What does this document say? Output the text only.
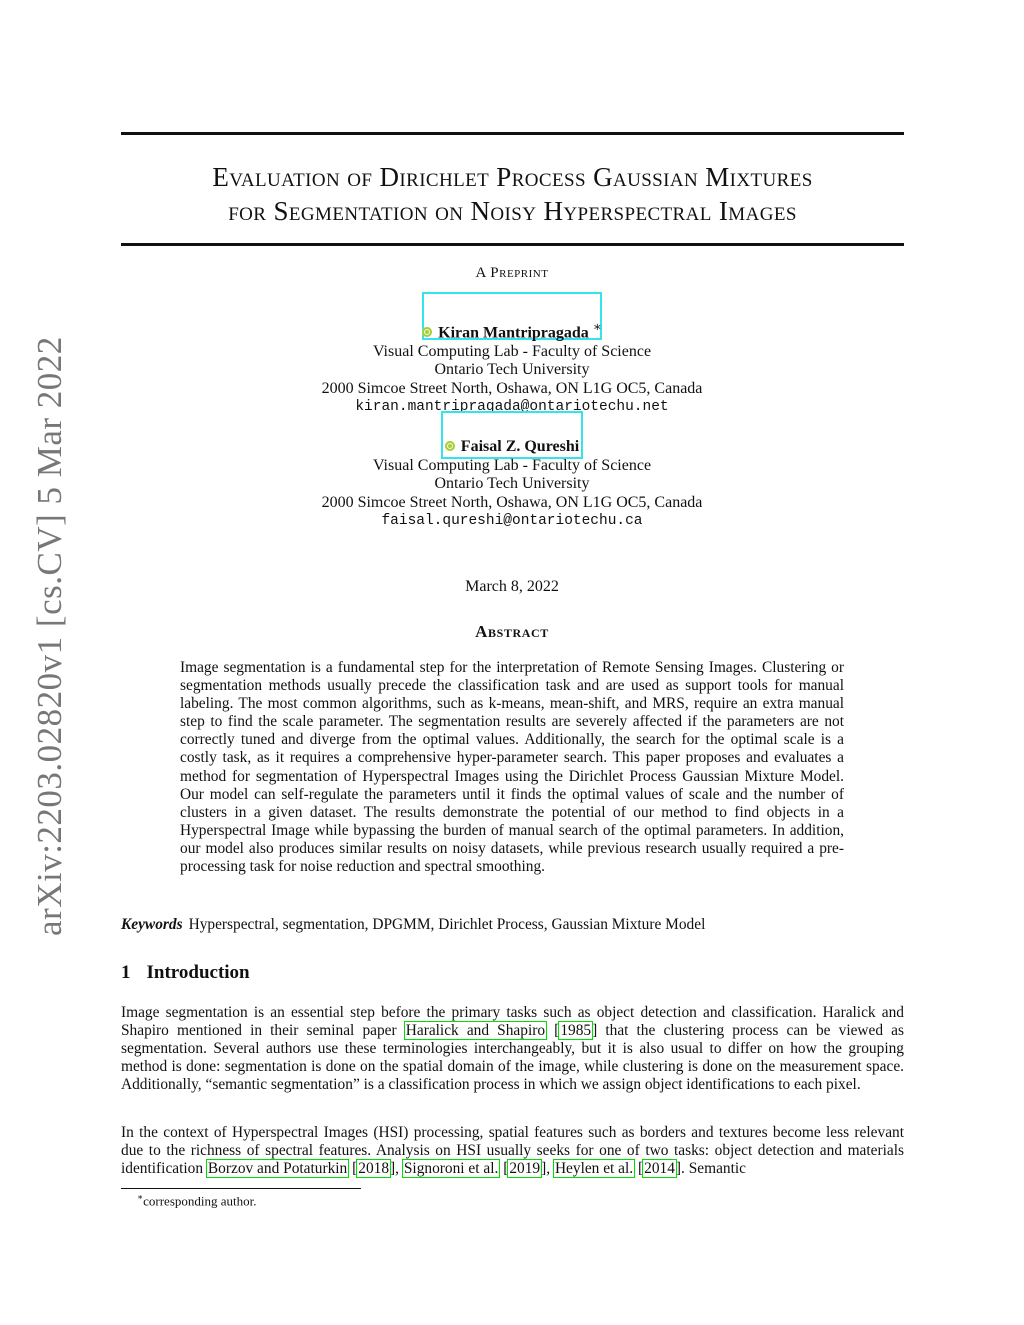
arXiv:2203.02820v1 [cs.CV] 5 Mar 2022
Evaluation of Dirichlet Process Gaussian Mixtures
for Segmentation on Noisy Hyperspectral Images
A Preprint
Kiran Mantripragada ∗
Visual Computing Lab - Faculty of Science
Ontario Tech University
2000 Simcoe Street North, Oshawa, ON L1G OC5, Canada
kiran.mantripragada@ontariotechu.net
Faisal Z. Qureshi
Visual Computing Lab - Faculty of Science
Ontario Tech University
2000 Simcoe Street North, Oshawa, ON L1G OC5, Canada
faisal.qureshi@ontariotechu.ca
March 8, 2022
Abstract
Image segmentation is a fundamental step for the interpretation of Remote Sensing Images. Clustering or segmentation methods usually precede the classification task and are used as support tools for manual labeling. The most common algorithms, such as k-means, mean-shift, and MRS, require an extra manual step to find the scale parameter. The segmentation results are severely affected if the parameters are not correctly tuned and diverge from the optimal values. Additionally, the search for the optimal scale is a costly task, as it requires a comprehensive hyper-parameter search. This paper proposes and evaluates a method for segmentation of Hyperspectral Images using the Dirichlet Process Gaussian Mixture Model. Our model can self-regulate the parameters until it finds the optimal values of scale and the number of clusters in a given dataset. The results demonstrate the potential of our method to find objects in a Hyperspectral Image while bypassing the burden of manual search of the optimal parameters. In addition, our model also produces similar results on noisy datasets, while previous research usually required a pre-processing task for noise reduction and spectral smoothing.
Keywords Hyperspectral, segmentation, DPGMM, Dirichlet Process, Gaussian Mixture Model
1 Introduction
Image segmentation is an essential step before the primary tasks such as object detection and classification. Haralick and Shapiro mentioned in their seminal paper Haralick and Shapiro [1985] that the clustering process can be viewed as segmentation. Several authors use these terminologies interchangeably, but it is also usual to differ on how the grouping method is done: segmentation is done on the spatial domain of the image, while clustering is done on the measurement space. Additionally, “semantic segmentation” is a classification process in which we assign object identifications to each pixel.
In the context of Hyperspectral Images (HSI) processing, spatial features such as borders and textures become less relevant due to the richness of spectral features. Analysis on HSI usually seeks for one of two tasks: object detection and materials identification Borzov and Potaturkin [2018], Signoroni et al. [2019], Heylen et al. [2014]. Semantic
∗corresponding author.
